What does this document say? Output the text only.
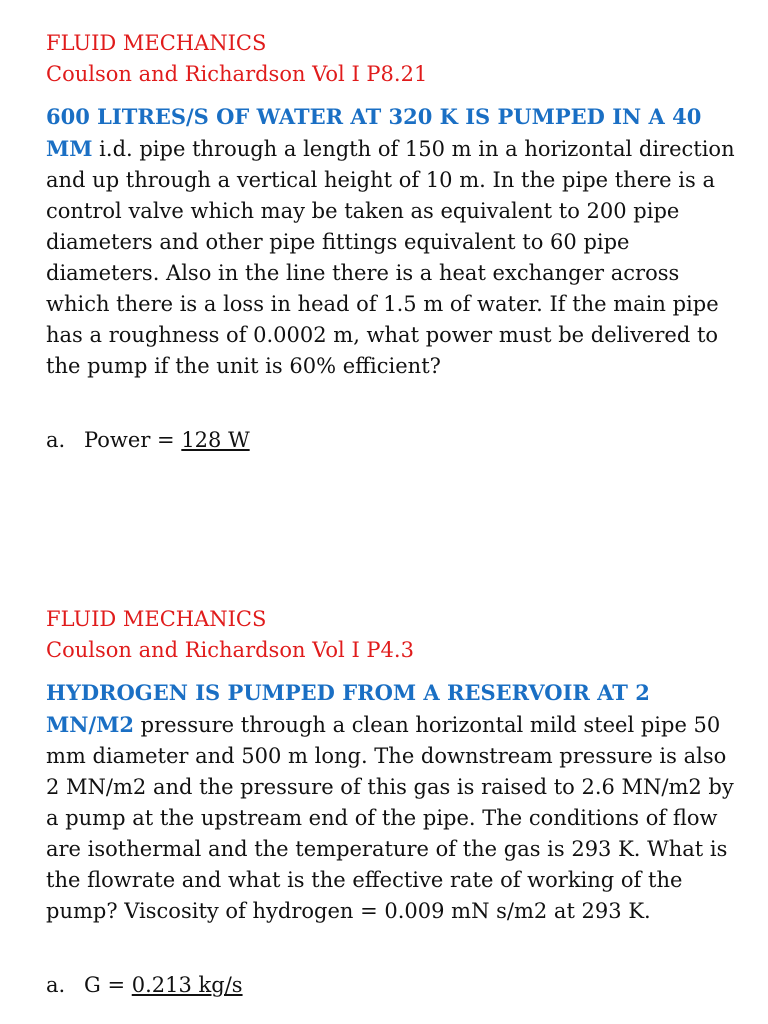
FLUID MECHANICS

Coulson and Richardson Vol I P8.21

600 LITRES/S OF WATER AT 320 K IS PUMPED IN A 40 MM i.d. pipe through a length of 150 m in a horizontal direction and up through a vertical height of 10 m. In the pipe there is a control valve which may be taken as equivalent to 200 pipe diameters and other pipe fittings equivalent to 60 pipe diameters. Also in the line there is a heat exchanger across which there is a loss in head of 1.5 m of water. If the main pipe has a roughness of 0.0002 m, what power must be delivered to the pump if the unit is 60% efficient?

a. Power = 128 W

FLUID MECHANICS

Coulson and Richardson Vol I P4.3

HYDROGEN IS PUMPED FROM A RESERVOIR AT 2 MN/M2 pressure through a clean horizontal mild steel pipe 50 mm diameter and 500 m long. The downstream pressure is also 2 MN/m2 and the pressure of this gas is raised to 2.6 MN/m2 by a pump at the upstream end of the pipe. The conditions of flow are isothermal and the temperature of the gas is 293 K. What is the flowrate and what is the effective rate of working of the pump? Viscosity of hydrogen = 0.009 mN s/m2 at 293 K.

a. G = 0.213 kg/s
